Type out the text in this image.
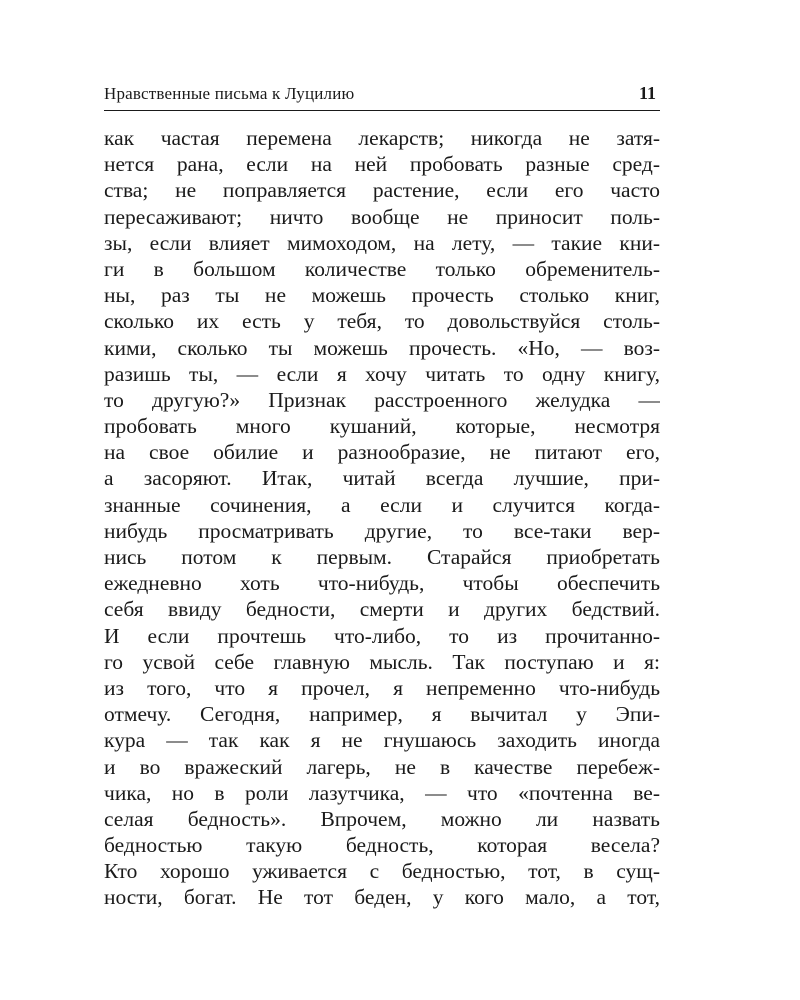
Нравственные письма к Луцилию	11
как частая перемена лекарств; никогда не затя-
нется рана, если на ней пробовать разные сред-
ства; не поправляется растение, если его часто
пересаживают; ничто вообще не приносит поль-
зы, если влияет мимоходом, на лету, — такие кни-
ги в большом количестве только обременитель-
ны, раз ты не можешь прочесть столько книг,
сколько их есть у тебя, то довольствуйся столь-
кими, сколько ты можешь прочесть. «Но, — воз-
разишь ты, — если я хочу читать то одну книгу,
то другую?» Признак расстроенного желудка —
пробовать много кушаний, которые, несмотря
на свое обилие и разнообразие, не питают его,
а засоряют. Итак, читай всегда лучшие, при-
знанные сочинения, а если и случится когда-
нибудь просматривать другие, то все-таки вер-
нись потом к первым. Старайся приобретать
ежедневно хоть что-нибудь, чтобы обеспечить
себя ввиду бедности, смерти и других бедствий.
И если прочтешь что-либо, то из прочитанно-
го усвой себе главную мысль. Так поступаю и я:
из того, что я прочел, я непременно что-нибудь
отмечу. Сегодня, например, я вычитал у Эпи-
кура — так как я не гнушаюсь заходить иногда
и во вражеский лагерь, не в качестве перебеж-
чика, но в роли лазутчика, — что «почтенна ве-
селая бедность». Впрочем, можно ли назвать
бедностью такую бедность, которая весела?
Кто хорошо уживается с бедностью, тот, в сущ-
ности, богат. Не тот беден, у кого мало, а тот,
